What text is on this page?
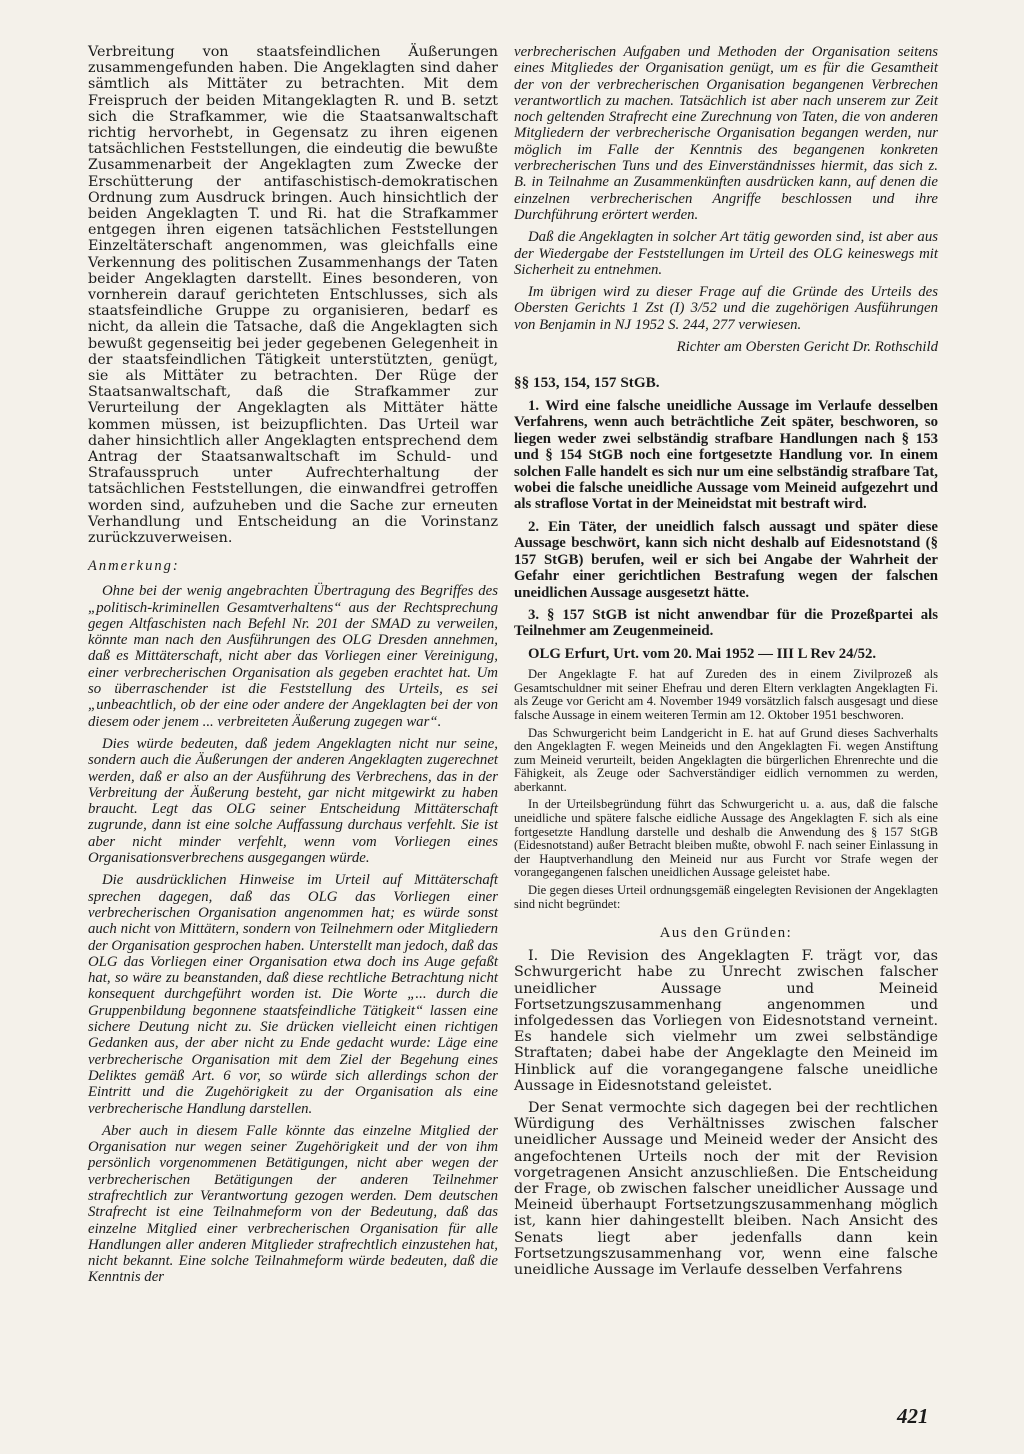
Verbreitung von staatsfeindlichen Äußerungen zusammengefunden haben. Die Angeklagten sind daher sämtlich als Mittäter zu betrachten. Mit dem Freispruch der beiden Mitangeklagten R. und B. setzt sich die Strafkammer, wie die Staatsanwaltschaft richtig hervorhebt, in Gegensatz zu ihren eigenen tatsächlichen Feststellungen, die eindeutig die bewußte Zusammenarbeit der Angeklagten zum Zwecke der Erschütterung der antifaschistisch-demokratischen Ordnung zum Ausdruck bringen. Auch hinsichtlich der beiden Angeklagten T. und Ri. hat die Strafkammer entgegen ihren eigenen tatsächlichen Feststellungen Einzeltäterschaft angenommen, was gleichfalls eine Verkennung des politischen Zusammenhangs der Taten beider Angeklagten darstellt. Eines besonderen, von vornherein darauf gerichteten Entschlusses, sich als staatsfeindliche Gruppe zu organisieren, bedarf es nicht, da allein die Tatsache, daß die Angeklagten sich bewußt gegenseitig bei jeder gegebenen Gelegenheit in der staatsfeindlichen Tätigkeit unterstützten, genügt, sie als Mittäter zu betrachten. Der Rüge der Staatsanwaltschaft, daß die Strafkammer zur Verurteilung der Angeklagten als Mittäter hätte kommen müssen, ist beizupflichten. Das Urteil war daher hinsichtlich aller Angeklagten entsprechend dem Antrag der Staatsanwaltschaft im Schuld- und Strafausspruch unter Aufrechterhaltung der tatsächlichen Feststellungen, die einwandfrei getroffen worden sind, aufzuheben und die Sache zur erneuten Verhandlung und Entscheidung an die Vorinstanz zurückzuverweisen.

Anmerkung:

Ohne bei der wenig angebrachten Übertragung des Begriffes des „politisch-kriminellen Gesamtverhaltens“ aus der Rechtsprechung gegen Altfaschisten nach Befehl Nr. 201 der SMAD zu verweilen, könnte man nach den Ausführungen des OLG Dresden annehmen, daß es Mittäterschaft, nicht aber das Vorliegen einer Vereinigung, einer verbrecherischen Organisation als gegeben erachtet hat. Um so überraschender ist die Feststellung des Urteils, es sei „unbeachtlich, ob der eine oder andere der Angeklagten bei der von diesem oder jenem ... verbreiteten Äußerung zugegen war“.

Dies würde bedeuten, daß jedem Angeklagten nicht nur seine, sondern auch die Äußerungen der anderen Angeklagten zugerechnet werden, daß er also an der Ausführung des Verbrechens, das in der Verbreitung der Äußerung besteht, gar nicht mitgewirkt zu haben braucht. Legt das OLG seiner Entscheidung Mittäterschaft zugrunde, dann ist eine solche Auffassung durchaus verfehlt. Sie ist aber nicht minder verfehlt, wenn vom Vorliegen eines Organisationsverbrechens ausgegangen würde.

Die ausdrücklichen Hinweise im Urteil auf Mittäterschaft sprechen dagegen, daß das OLG das Vorliegen einer verbrecherischen Organisation angenommen hat; es würde sonst auch nicht von Mittätern, sondern von Teilnehmern oder Mitgliedern der Organisation gesprochen haben. Unterstellt man jedoch, daß das OLG das Vorliegen einer Organisation etwa doch ins Auge gefaßt hat, so wäre zu beanstanden, daß diese rechtliche Betrachtung nicht konsequent durchgeführt worden ist. Die Worte „... durch die Gruppenbildung begonnene staatsfeindliche Tätigkeit“ lassen eine sichere Deutung nicht zu. Sie drücken vielleicht einen richtigen Gedanken aus, der aber nicht zu Ende gedacht wurde: Läge eine verbrecherische Organisation mit dem Ziel der Begehung eines Deliktes gemäß Art. 6 vor, so würde sich allerdings schon der Eintritt und die Zugehörigkeit zu der Organisation als eine verbrecherische Handlung darstellen.

Aber auch in diesem Falle könnte das einzelne Mitglied der Organisation nur wegen seiner Zugehörigkeit und der von ihm persönlich vorgenommenen Betätigungen, nicht aber wegen der verbrecherischen Betätigungen der anderen Teilnehmer strafrechtlich zur Verantwortung gezogen werden. Dem deutschen Strafrecht ist eine Teilnahmeform von der Bedeutung, daß das einzelne Mitglied einer verbrecherischen Organisation für alle Handlungen aller anderen Mitglieder strafrechtlich einzustehen hat, nicht bekannt. Eine solche Teilnahmeform würde bedeuten, daß die Kenntnis der

verbrecherischen Aufgaben und Methoden der Organisation seitens eines Mitgliedes der Organisation genügt, um es für die Gesamtheit der von der verbrecherischen Organisation begangenen Verbrechen verantwortlich zu machen. Tatsächlich ist aber nach unserem zur Zeit noch geltenden Strafrecht eine Zurechnung von Taten, die von anderen Mitgliedern der verbrecherische Organisation begangen werden, nur möglich im Falle der Kenntnis des begangenen konkreten verbrecherischen Tuns und des Einverständnisses hiermit, das sich z. B. in Teilnahme an Zusammenkünften ausdrücken kann, auf denen die einzelnen verbrecherischen Angriffe beschlossen und ihre Durchführung erörtert werden.

Daß die Angeklagten in solcher Art tätig geworden sind, ist aber aus der Wiedergabe der Feststellungen im Urteil des OLG keineswegs mit Sicherheit zu entnehmen.

Im übrigen wird zu dieser Frage auf die Gründe des Urteils des Obersten Gerichts 1 Zst (I) 3/52 und die zugehörigen Ausführungen von Benjamin in NJ 1952 S. 244, 277 verwiesen.

Richter am Obersten Gericht Dr. Rothschild

§§ 153, 154, 157 StGB.

1. Wird eine falsche uneidliche Aussage im Verlaufe desselben Verfahrens, wenn auch beträchtliche Zeit später, beschworen, so liegen weder zwei selbständig strafbare Handlungen nach § 153 und § 154 StGB noch eine fortgesetzte Handlung vor. In einem solchen Falle handelt es sich nur um eine selbständig strafbare Tat, wobei die falsche uneidliche Aussage vom Meineid aufgezehrt und als straflose Vortat in der Meineidstat mit bestraft wird.

2. Ein Täter, der uneidlich falsch aussagt und später diese Aussage beschwört, kann sich nicht deshalb auf Eidesnotstand (§ 157 StGB) berufen, weil er sich bei Angabe der Wahrheit der Gefahr einer gerichtlichen Bestrafung wegen der falschen uneidlichen Aussage ausgesetzt hätte.

3. § 157 StGB ist nicht anwendbar für die Prozeßpartei als Teilnehmer am Zeugenmeineid.

OLG Erfurt, Urt. vom 20. Mai 1952 — III L Rev 24/52.

Der Angeklagte F. hat auf Zureden des in einem Zivilprozeß als Gesamtschuldner mit seiner Ehefrau und deren Eltern verklagten Angeklagten Fi. als Zeuge vor Gericht am 4. November 1949 vorsätzlich falsch ausgesagt und diese falsche Aussage in einem weiteren Termin am 12. Oktober 1951 beschworen.

Das Schwurgericht beim Landgericht in E. hat auf Grund dieses Sachverhalts den Angeklagten F. wegen Meineids und den Angeklagten Fi. wegen Anstiftung zum Meineid verurteilt, beiden Angeklagten die bürgerlichen Ehrenrechte und die Fähigkeit, als Zeuge oder Sachverständiger eidlich vernommen zu werden, aberkannt.

In der Urteilsbegründung führt das Schwurgericht u. a. aus, daß die falsche uneidliche und spätere falsche eidliche Aussage des Angeklagten F. sich als eine fortgesetzte Handlung darstelle und deshalb die Anwendung des § 157 StGB (Eidesnotstand) außer Betracht bleiben mußte, obwohl F. nach seiner Einlassung in der Hauptverhandlung den Meineid nur aus Furcht vor Strafe wegen der vorangegangenen falschen uneidlichen Aussage geleistet habe.

Die gegen dieses Urteil ordnungsgemäß eingelegten Revisionen der Angeklagten sind nicht begründet:

Aus den Gründen:

I. Die Revision des Angeklagten F. trägt vor, das Schwurgericht habe zu Unrecht zwischen falscher uneidlicher Aussage und Meineid Fortsetzungszusammenhang angenommen und infolgedessen das Vorliegen von Eidesnotstand verneint. Es handele sich vielmehr um zwei selbständige Straftaten; dabei habe der Angeklagte den Meineid im Hinblick auf die vorangegangene falsche uneidliche Aussage in Eidesnotstand geleistet.

Der Senat vermochte sich dagegen bei der rechtlichen Würdigung des Verhältnisses zwischen falscher uneidlicher Aussage und Meineid weder der Ansicht des angefochtenen Urteils noch der mit der Revision vorgetragenen Ansicht anzuschließen. Die Entscheidung der Frage, ob zwischen falscher uneidlicher Aussage und Meineid überhaupt Fortsetzungszusammenhang möglich ist, kann hier dahingestellt bleiben. Nach Ansicht des Senats liegt aber jedenfalls dann kein Fortsetzungszusammenhang vor, wenn eine falsche uneidliche Aussage im Verlaufe desselben Verfahrens

421
